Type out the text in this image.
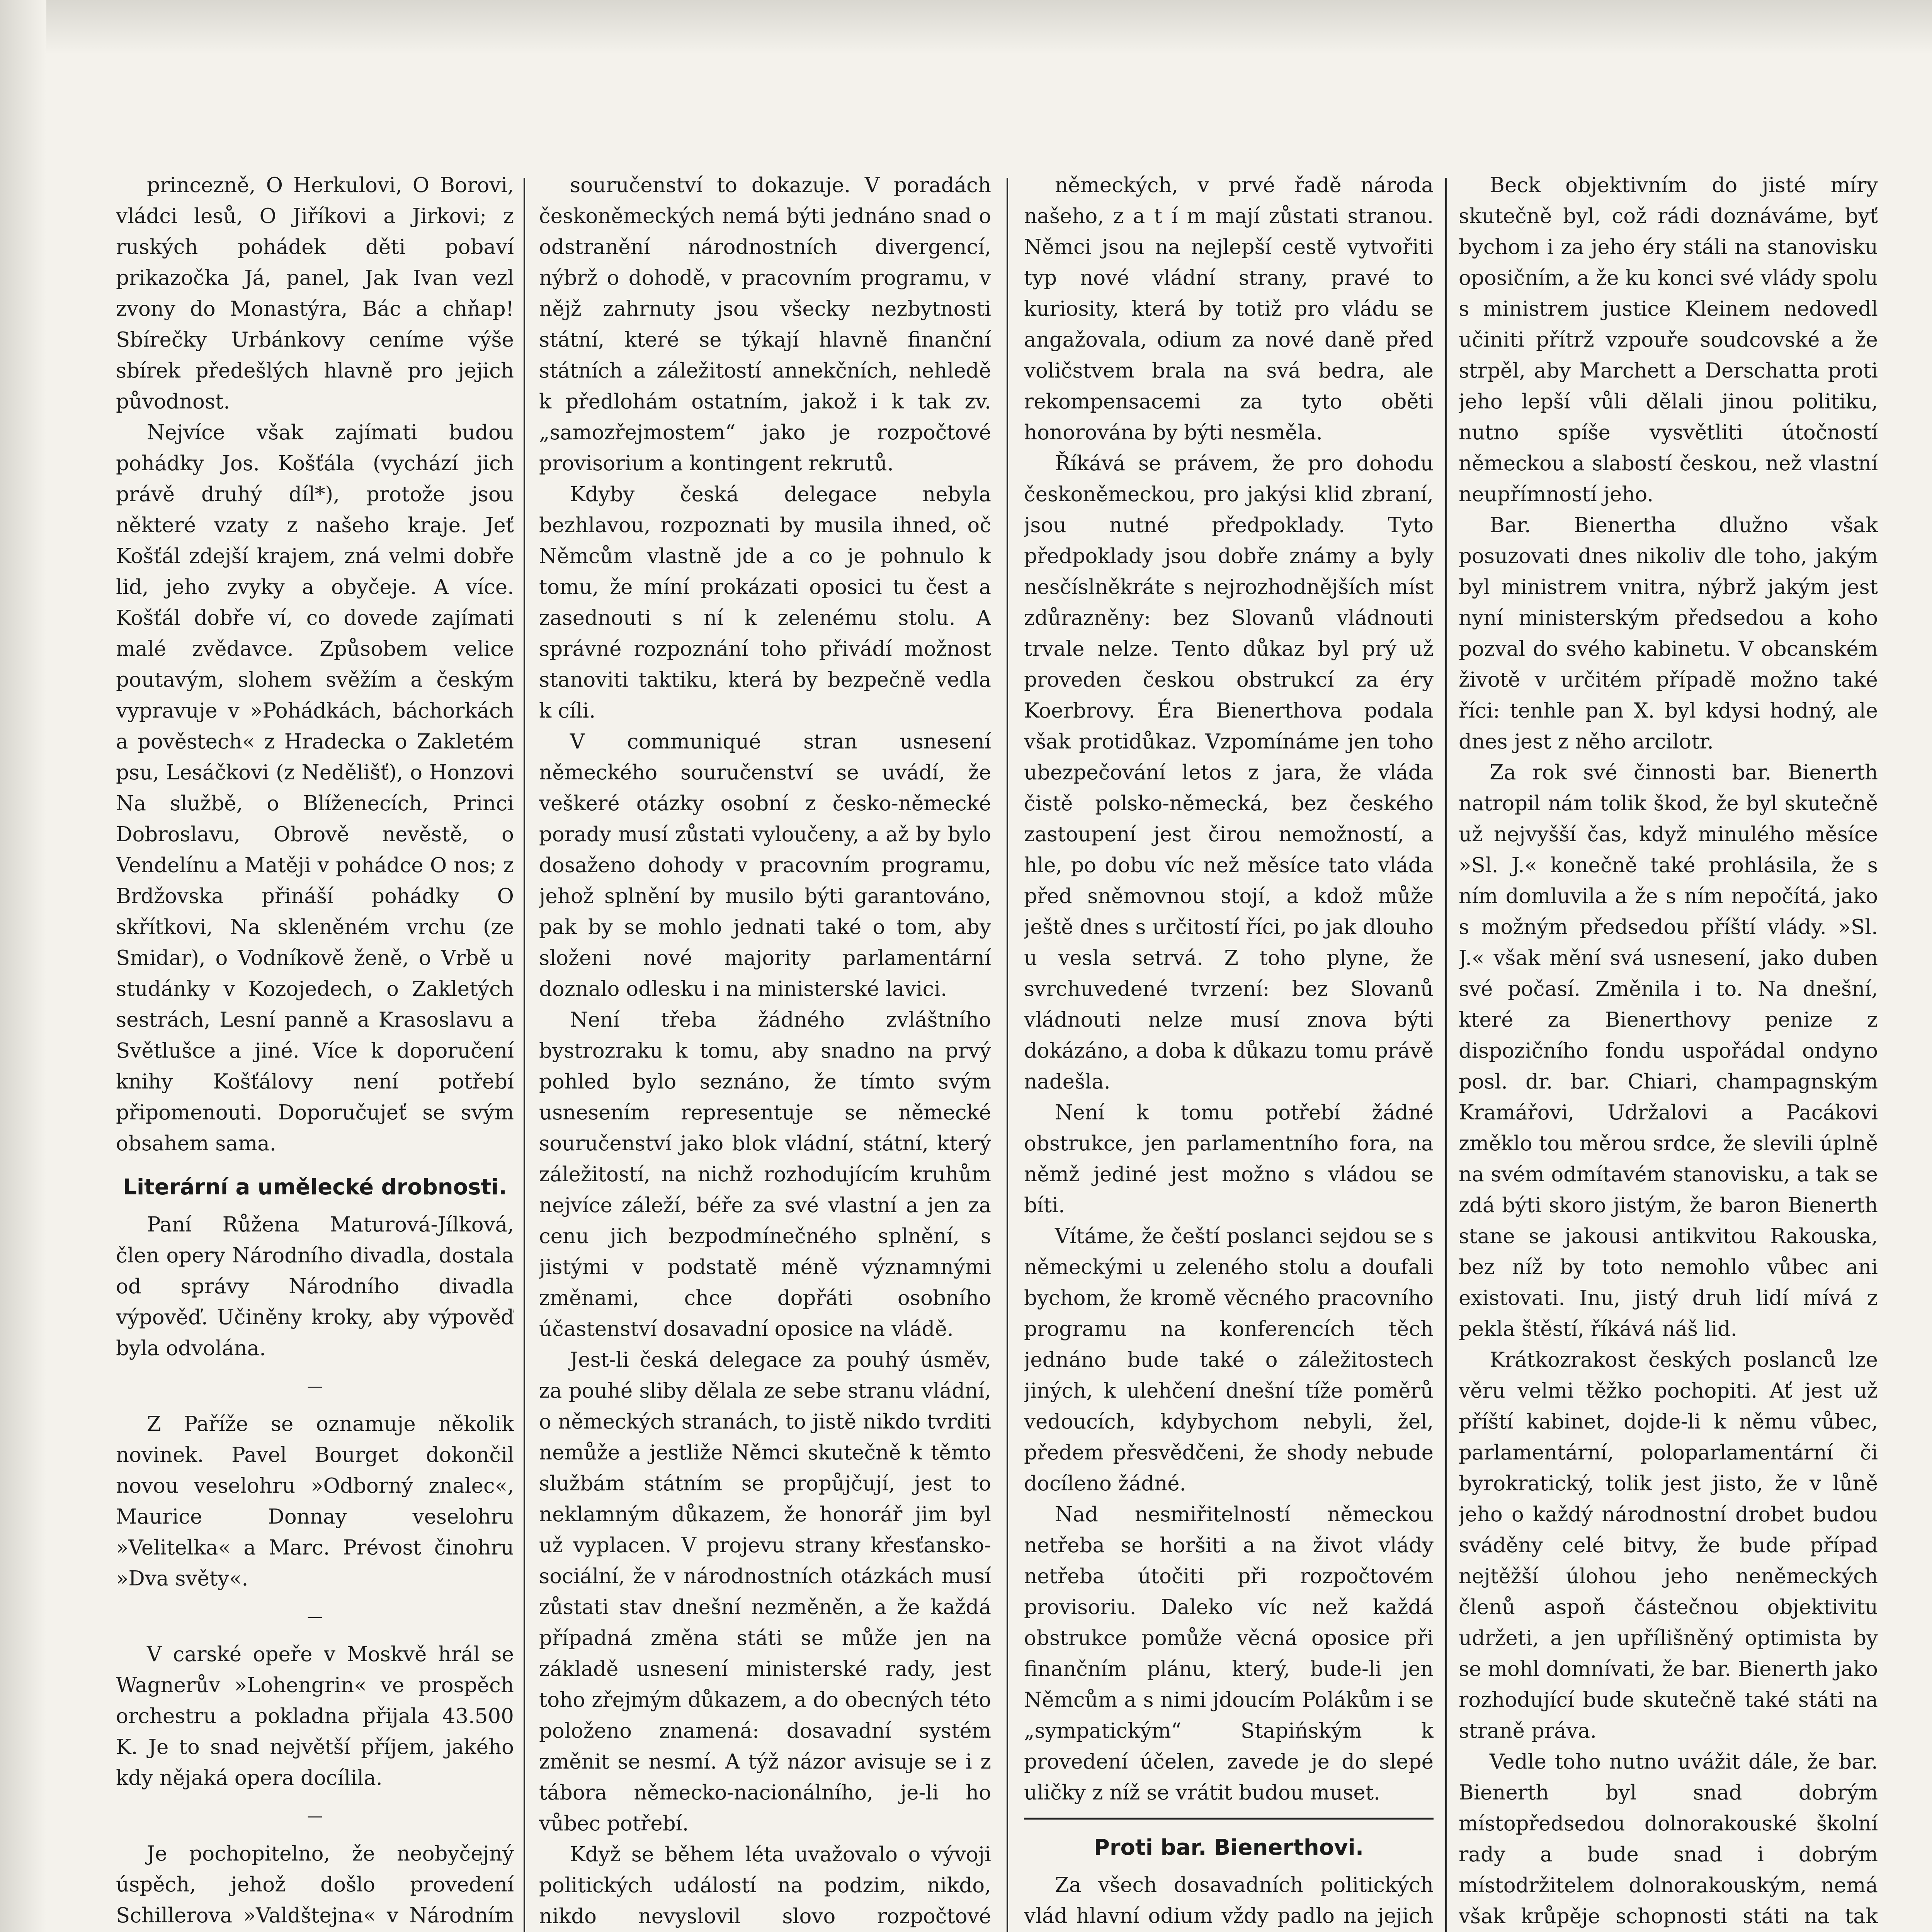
princezně, O Herkulovi, O Borovi, vládci lesů, O Jiříkovi a Jirkovi; z ruských pohádek děti pobaví prikazočka Já, panel, Jak Ivan vezl zvony do Monastýra, Bác a chňap! Sbírečky Urbánkovy ceníme výše sbírek předešlých hlavně pro jejich původnost.

Nejvíce však zajímati budou pohádky Jos. Košťála (vychází jich právě druhý díl*), protože jsou některé vzaty z našeho kraje. Jeť Košťál zdejší krajem, zná velmi dobře lid, jeho zvyky a obyčeje. A více. Košťál dobře ví, co dovede zajímati malé zvědavce. Způsobem velice poutavým, slohem svěžím a českým vypravuje v »Pohádkách, báchorkách a pověstech« z Hradecka o Zakletém psu, Lesáčkovi (z Nedělišť), o Honzovi Na službě, o Blíženecích, Princi Dobroslavu, Obrově nevěstě, o Vendelínu a Matěji v pohádce O nos; z Brdžovska přináší pohádky O skřítkovi, Na skleněném vrchu (ze Smidar), o Vodníkově ženě, o Vrbě u studánky v Kozojedech, o Zakletých sestrách, Lesní panně a Krasoslavu a Světlušce a jiné. Více k doporučení knihy Košťálovy není potřebí připomenouti. Doporučujeť se svým obsahem sama.

Literární a umělecké drobnosti.

Paní Růžena Maturová-Jílková, člen opery Národního divadla, dostala od správy Národního divadla výpověď. Učiněny kroky, aby výpověď byla odvolána.

—

Z Paříže se oznamuje několik novinek. Pavel Bourget dokončil novou veselohru »Odborný znalec«, Maurice Donnay veselohru »Velitelka« a Marc. Prévost činohru »Dva světy«.

—

V carské opeře v Moskvě hrál se Wagnerův »Lohengrin« ve prospěch orchestru a pokladna přijala 43.500 K. Je to snad největší příjem, jakého kdy nějaká opera docílila.

—

Je pochopitelno, že neobyčejný úspěch, jehož došlo provedení Schillerova »Valdštejna« v Národním

souručenství to dokazuje. V poradách českoněmeckých nemá býti jednáno snad o odstranění národnostních divergencí, nýbrž o dohodě, v pracovním programu, v nějž zahrnuty jsou všecky nezbytnosti státní, které se týkají hlavně finanční státních a záležitostí annekčních, nehledě k předlohám ostatním, jakož i k tak zv. „samozřejmostem“ jako je rozpočtové provisorium a kontingent rekrutů.

Kdyby česká delegace nebyla bezhlavou, rozpoznati by musila ihned, oč Němcům vlastně jde a co je pohnulo k tomu, že míní prokázati oposici tu čest a zasednouti s ní k zelenému stolu. A správné rozpoznání toho přivádí možnost stanoviti taktiku, která by bezpečně vedla k cíli.

V communiqué stran usnesení německého souručenství se uvádí, že veškeré otázky osobní z česko-německé porady musí zůstati vyloučeny, a až by bylo dosaženo dohody v pracovním programu, jehož splnění by musilo býti garantováno, pak by se mohlo jednati také o tom, aby složeni nové majority parlamentární doznalo odlesku i na ministerské lavici.

Není třeba žádného zvláštního bystrozraku k tomu, aby snadno na prvý pohled bylo seznáno, že tímto svým usnesením representuje se německé souručenství jako blok vládní, státní, který záležitostí, na nichž rozhodujícím kruhům nejvíce záleží, béře za své vlastní a jen za cenu jich bezpodmínečného splnění, s jistými v podstatě méně významnými změnami, chce dopřáti osobního účastenství dosavadní oposice na vládě.

Jest-li česká delegace za pouhý úsměv, za pouhé sliby dělala ze sebe stranu vládní, o německých stranách, to jistě nikdo tvrditi nemůže a jestliže Němci skutečně k těmto službám státním se propůjčují, jest to neklamným důkazem, že honorář jim byl už vyplacen. V projevu strany křesťansko-sociální, že v národnostních otázkách musí zůstati stav dnešní nezměněn, a že každá případná změna státi se může jen na základě usnesení ministerské rady, jest toho zřejmým důkazem, a do obecných této položeno znamená: dosavadní systém změnit se nesmí. A týž názor avisuje se i z tábora německo-nacionálního, je-li ho vůbec potřebí.

Když se během léta uvažovalo o vývoji politických událostí na podzim, nikdo, nikdo nevyslovil slovo rozpočtové

německých, v prvé řadě národa našeho, z a t í m mají zůstati stranou. Němci jsou na nejlepší cestě vytvořiti typ nové vládní strany, pravé to kuriosity, která by totiž pro vládu se angažovala, odium za nové daně před voličstvem brala na svá bedra, ale rekompensacemi za tyto oběti honorována by býti nesměla.

Říkává se právem, že pro dohodu českoněmeckou, pro jakýsi klid zbraní, jsou nutné předpoklady. Tyto předpoklady jsou dobře známy a byly nesčíslněkráte s nejrozhodnějších míst zdůrazněny: bez Slovanů vládnouti trvale nelze. Tento důkaz byl prý už proveden českou obstrukcí za éry Koerbrovy. Éra Bienerthova podala však protidůkaz. Vzpomínáme jen toho ubezpečování letos z jara, že vláda čistě polsko-německá, bez českého zastoupení jest čirou nemožností, a hle, po dobu víc než měsíce tato vláda před sněmovnou stojí, a kdož může ještě dnes s určitostí říci, po jak dlouho u vesla setrvá. Z toho plyne, že svrchuvedené tvrzení: bez Slovanů vládnouti nelze musí znova býti dokázáno, a doba k důkazu tomu právě nadešla.

Není k tomu potřebí žádné obstrukce, jen parlamentního fora, na němž jediné jest možno s vládou se bíti.

Vítáme, že čeští poslanci sejdou se s německými u zeleného stolu a doufali bychom, že kromě věcného pracovního programu na konferencích těch jednáno bude také o záležitostech jiných, k ulehčení dnešní tíže poměrů vedoucích, kdybychom nebyli, žel, předem přesvědčeni, že shody nebude docíleno žádné.

Nad nesmiřitelností německou netřeba se horšiti a na život vlády netřeba útočiti při rozpočtovém provisoriu. Daleko víc než každá obstrukce pomůže věcná oposice při finančním plánu, který, bude-li jen Němcům a s nimi jdoucím Polákům i se „sympatickým“ Stapińským k provedení účelen, zavede je do slepé uličky z níž se vrátit budou muset.

Proti bar. Bienerthovi.

Za všech dosavadních politických vlád hlavní odium vždy padlo na jejich

Beck objektivním do jisté míry skutečně byl, což rádi doznáváme, byť bychom i za jeho éry stáli na stanovisku oposičním, a že ku konci své vlády spolu s ministrem justice Kleinem nedovedl učiniti přítrž vzpouře soudcovské a že strpěl, aby Marchett a Derschatta proti jeho lepší vůli dělali jinou politiku, nutno spíše vysvětliti útočností německou a slabostí českou, než vlastní neupřímností jeho.

Bar. Bienertha dlužno však posuzovati dnes nikoliv dle toho, jakým byl ministrem vnitra, nýbrž jakým jest nyní ministerským předsedou a koho pozval do svého kabinetu. V obcanském životě v určitém případě možno také říci: tenhle pan X. byl kdysi hodný, ale dnes jest z něho arcilotr.

Za rok své činnosti bar. Bienerth natropil nám tolik škod, že byl skutečně už nejvyšší čas, když minulého měsíce »Sl. J.« konečně také prohlásila, že s ním domluvila a že s ním nepočítá, jako s možným předsedou příští vlády. »Sl. J.« však mění svá usnesení, jako duben své počasí. Změnila i to. Na dnešní, které za Bienerthovy penize z dispozičního fondu uspořádal ondyno posl. dr. bar. Chiari, champagnským Kramářovi, Udržalovi a Pacákovi změklo tou měrou srdce, že slevili úplně na svém odmítavém stanovisku, a tak se zdá býti skoro jistým, že baron Bienerth stane se jakousi antikvitou Rakouska, bez níž by toto nemohlo vůbec ani existovati. Inu, jistý druh lidí mívá z pekla štěstí, říkává náš lid.

Krátkozrakost českých poslanců lze věru velmi těžko pochopiti. Ať jest už příští kabinet, dojde-li k němu vůbec, parlamentární, poloparlamentární či byrokratický, tolik jest jisto, že v lůně jeho o každý národnostní drobet budou sváděny celé bitvy, že bude případ nejtěžší úlohou jeho neněmeckých členů aspoň částečnou objektivitu udržeti, a jen upřílišněný optimista by se mohl domnívati, že bar. Bienerth jako rozhodující bude skutečně také státi na straně práva.

Vedle toho nutno uvážit dále, že bar. Bienerth byl snad dobrým místopředsedou dolnorakouské školní rady a bude snad i dobrým místodržitelem dolnorakouským, nemá však krůpěje schopnosti státi na tak
